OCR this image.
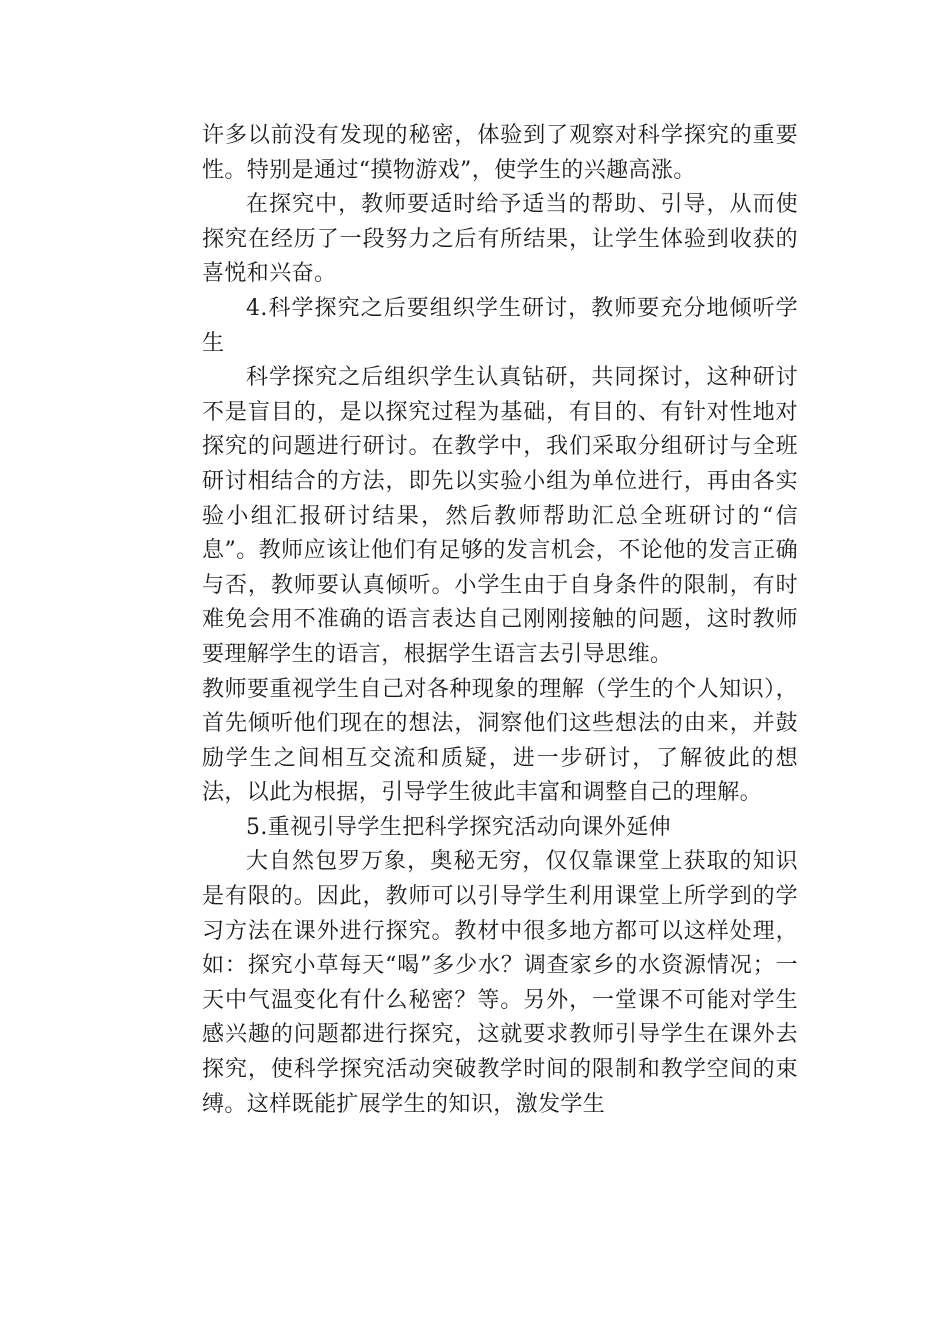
许多以前没有发现的秘密，体验到了观察对科学探究的重要性。特别是通过“摸物游戏”，使学生的兴趣高涨。

在探究中，教师要适时给予适当的帮助、引导，从而使探究在经历了一段努力之后有所结果，让学生体验到收获的喜悦和兴奋。

4.科学探究之后要组织学生研讨，教师要充分地倾听学生

科学探究之后组织学生认真钻研，共同探讨，这种研讨不是盲目的，是以探究过程为基础，有目的、有针对性地对探究的问题进行研讨。在教学中，我们采取分组研讨与全班研讨相结合的方法，即先以实验小组为单位进行，再由各实验小组汇报研讨结果，然后教师帮助汇总全班研讨的“信息”。教师应该让他们有足够的发言机会，不论他的发言正确与否，教师要认真倾听。小学生由于自身条件的限制，有时难免会用不准确的语言表达自己刚刚接触的问题，这时教师要理解学生的语言，根据学生语言去引导思维。

教师要重视学生自己对各种现象的理解（学生的个人知识），首先倾听他们现在的想法，洞察他们这些想法的由来，并鼓励学生之间相互交流和质疑，进一步研讨，了解彼此的想法，以此为根据，引导学生彼此丰富和调整自己的理解。

5.重视引导学生把科学探究活动向课外延伸

大自然包罗万象，奥秘无穷，仅仅靠课堂上获取的知识是有限的。因此，教师可以引导学生利用课堂上所学到的学习方法在课外进行探究。教材中很多地方都可以这样处理，如：探究小草每天“喝”多少水？调查家乡的水资源情况；一天中气温变化有什么秘密？等。另外，一堂课不可能对学生感兴趣的问题都进行探究，这就要求教师引导学生在课外去探究，使科学探究活动突破教学时间的限制和教学空间的束缚。这样既能扩展学生的知识，激发学生
